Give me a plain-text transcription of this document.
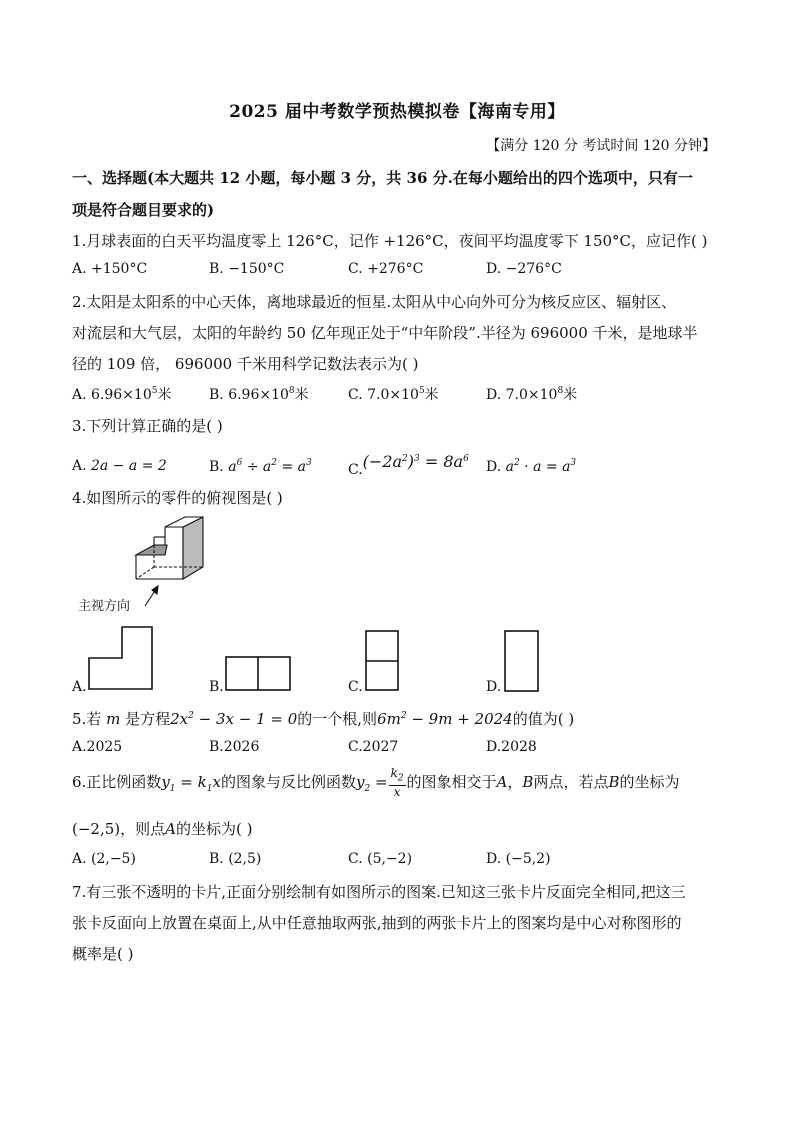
2025 届中考数学预热模拟卷【海南专用】
【满分 120 分 考试时间 120 分钟】
一、选择题(本大题共 12 小题，每小题 3 分，共 36 分.在每小题给出的四个选项中，只有一
项是符合题目要求的)
1.月球表面的白天平均温度零上 126°C，记作 +126°C，夜间平均温度零下 150°C，应记作( )
A. +150°C	B. −150°C	C. +276°C	D. −276°C
2.太阳是太阳系的中心天体，离地球最近的恒星.太阳从中心向外可分为核反应区、辐射区、
对流层和大气层，太阳的年龄约 50 亿年现正处于“中年阶段”.半径为 696000 千米，是地球半
径的 109 倍， 696000 千米用科学记数法表示为( )
A. $6.96\times 10^5$米	B. $6.96\times 10^8$米	C. $7.0\times 10^5$米	D. $7.0\times 10^8$米
3.下列计算正确的是( )
A. 2a − a = 2	B. $a^6 \div a^2 = a^3$	$C.(-2a^2)^3 = 8a^6$ D. $a^2 \cdot a = a^3$
4.如图所示的零件的俯视图是( )
主视方向
A.	B.	C.	D.
5.若 m 是方程$2x^2 - 3x - 1 = 0$的一个根,则$6m^2 - 9m + 2024$的值为( )
A.2025	B.2026	C.2027	D.2028
6.正比例函数$y_1 = k_1x$的图象与反比例函数$y_2 = \frac{k_2}{x}$ 的图象相交于A，B两点，若点B的坐标为
(−2,5)，则点A的坐标为( )
A. (2,−5)	B. (2,5)	C. (5,−2)	D. (−5,2)
7.有三张不透明的卡片,正面分别绘制有如图所示的图案.已知这三张卡片反面完全相同,把这三
张卡反面向上放置在桌面上,从中任意抽取两张,抽到的两张卡片上的图案均是中心对称图形的
概率是( )
